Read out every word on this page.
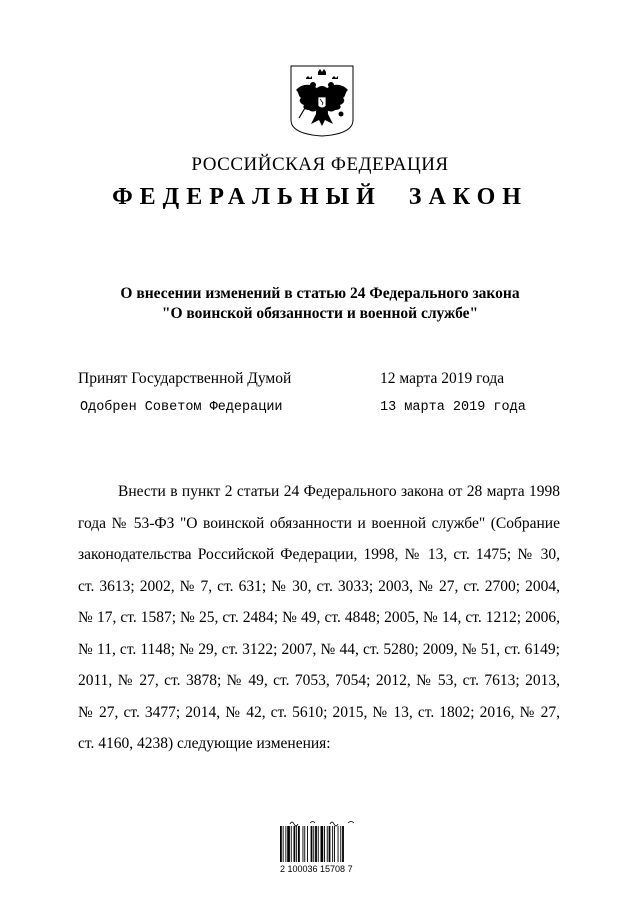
РОССИЙСКАЯ ФЕДЕРАЦИЯ
ФЕДЕРАЛЬНЫЙ ЗАКОН
О внесении изменений в статью 24 Федерального закона
"О воинской обязанности и военной службе"
Принят Государственной Думой	12 марта 2019 года
Одобрен Советом Федерации	13 марта 2019 года
Внести в пункт 2 статьи 24 Федерального закона от 28 марта 1998
года № 53-ФЗ "О воинской обязанности и военной службе" (Собрание
законодательства Российской Федерации, 1998, № 13, ст. 1475; № 30,
ст. 3613; 2002, № 7, ст. 631; № 30, ст. 3033; 2003, № 27, ст. 2700; 2004,
№ 17, ст. 1587; № 25, ст. 2484; № 49, ст. 4848; 2005, № 14, ст. 1212; 2006,
№ 11, ст. 1148; № 29, ст. 3122; 2007, № 44, ст. 5280; 2009, № 51, ст. 6149;
2011, № 27, ст. 3878; № 49, ст. 7053, 7054; 2012, № 53, ст. 7613; 2013,
№ 27, ст. 3477; 2014, № 42, ст. 5610; 2015, № 13, ст. 1802; 2016, № 27,
ст. 4160, 4238) следующие изменения:
2 100036 15708 7
